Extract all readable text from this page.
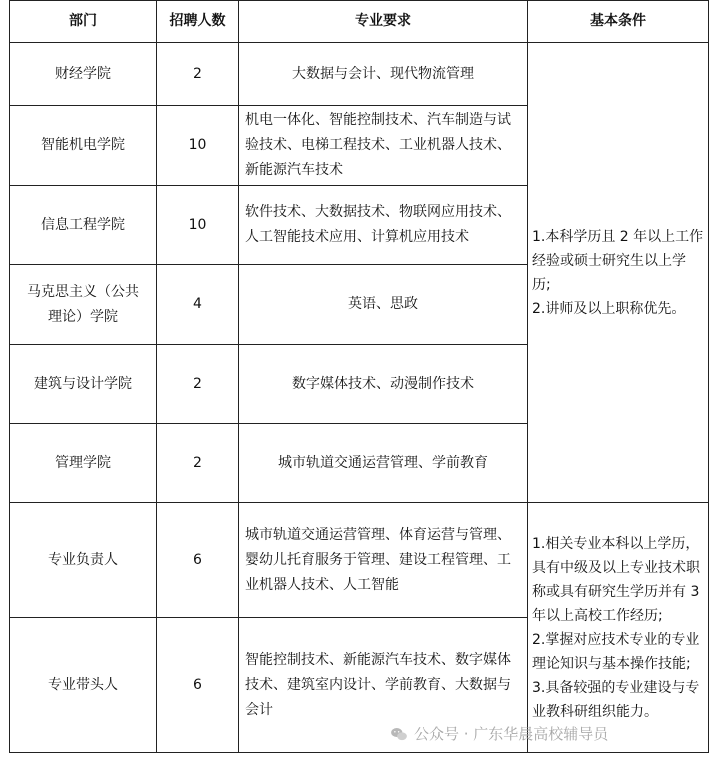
部门	招聘人数	专业要求	基本条件
财经学院	2	大数据与会计、现代物流管理	1.本科学历且 2 年以上工作经验或硕士研究生以上学历;
2.讲师及以上职称优先。

智能机电学院	10	机电一体化、智能控制技术、汽车制造与试验技术、电梯工程技术、工业机器人技术、新能源汽车技术	
信息工程学院	10	软件技术、大数据技术、物联网应用技术、人工智能技术应用、计算机应用技术	
马克思主义（公共理论）学院	4	英语、思政	
建筑与设计学院	2	数字媒体技术、动漫制作技术	
管理学院	2	城市轨道交通运营管理、学前教育	
专业负责人	6	城市轨道交通运营管理、体育运营与管理、婴幼儿托育服务于管理、建设工程管理、工业机器人技术、人工智能	1.相关专业本科以上学历，具有中级及以上专业技术职称或具有研究生学历并有 3 年以上高校工作经历;
2.掌握对应技术专业的专业理论知识与基本操作技能;
3.具备较强的专业建设与专业教科研组织能力。

专业带头人	6	智能控制技术、新能源汽车技术、数字媒体技术、建筑室内设计、学前教育、大数据与会计	
公众号 · 广东华晨高校辅导员
